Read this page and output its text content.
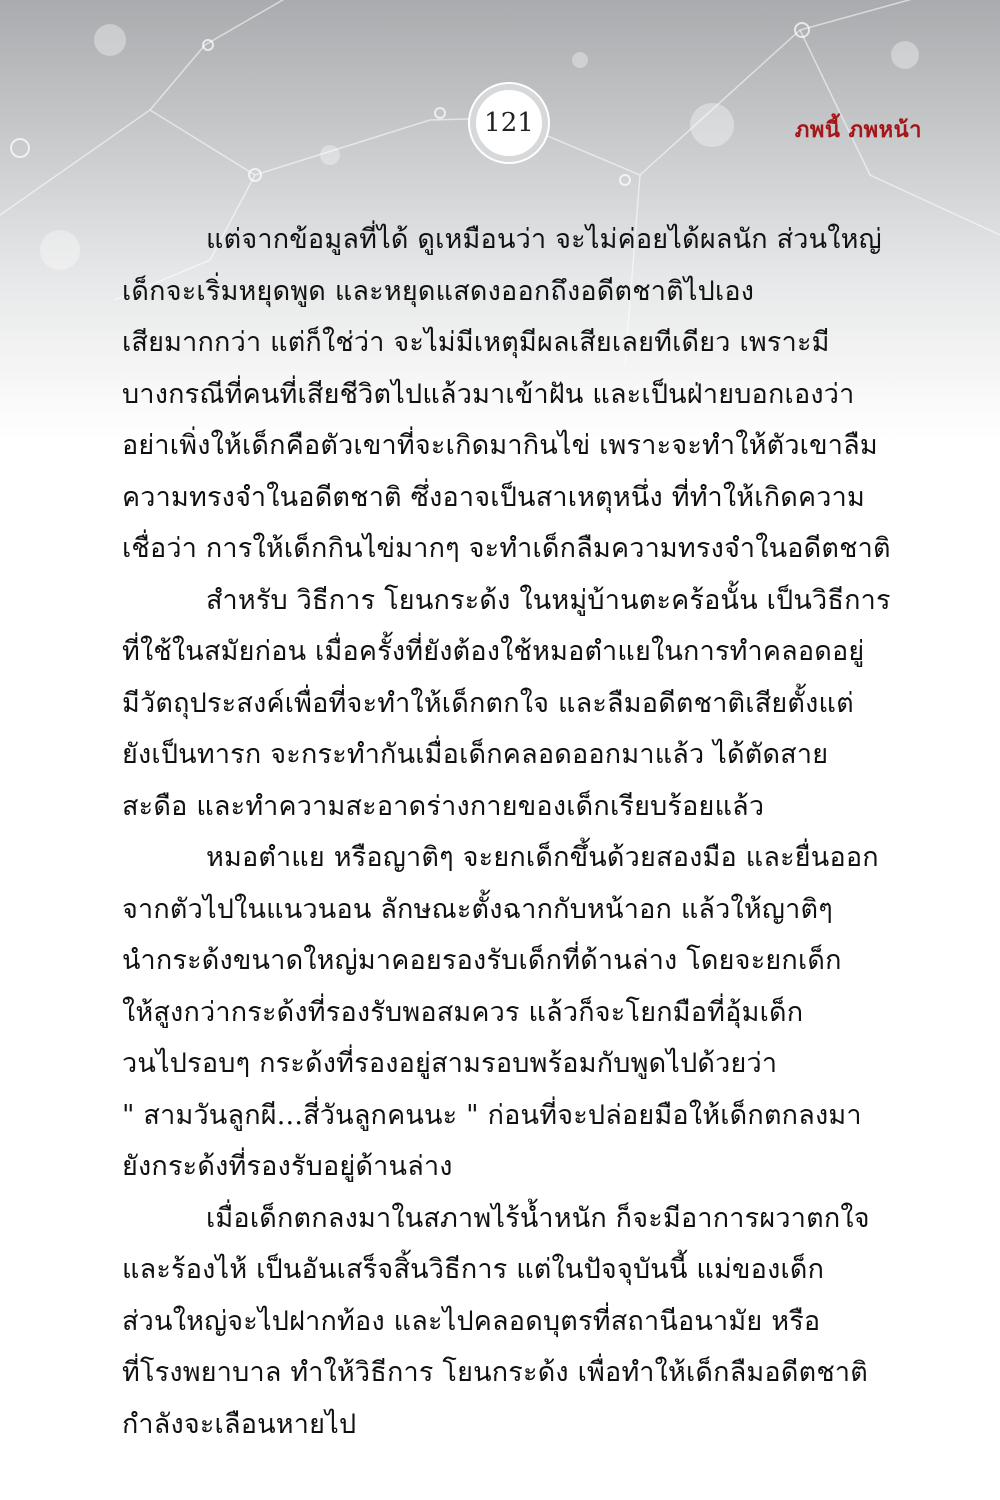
121	ภพนี้ ภพหน้า
แต่จากข้อมูลที่ได้ ดูเหมือนว่า จะไม่ค่อยได้ผลนัก ส่วนใหญ่
เด็กจะเริ่มหยุดพูด และหยุดแสดงออกถึงอดีตชาติไปเอง
เสียมากกว่า แต่ก็ใช่ว่า จะไม่มีเหตุมีผลเสียเลยทีเดียว เพราะมี
บางกรณีที่คนที่เสียชีวิตไปแล้วมาเข้าฝัน และเป็นฝ่ายบอกเองว่า
อย่าเพิ่งให้เด็กคือตัวเขาที่จะเกิดมากินไข่ เพราะจะทำให้ตัวเขาลืม
ความทรงจำในอดีตชาติ ซึ่งอาจเป็นสาเหตุหนึ่ง ที่ทำให้เกิดความ
เชื่อว่า การให้เด็กกินไข่มากๆ จะทำเด็กลืมความทรงจำในอดีตชาติ
สำหรับ วิธีการ โยนกระด้ง ในหมู่บ้านตะคร้อนั้น เป็นวิธีการ
ที่ใช้ในสมัยก่อน เมื่อครั้งที่ยังต้องใช้หมอตำแยในการทำคลอดอยู่
มีวัตถุประสงค์เพื่อที่จะทำให้เด็กตกใจ และลืมอดีตชาติเสียตั้งแต่
ยังเป็นทารก จะกระทำกันเมื่อเด็กคลอดออกมาแล้ว ได้ตัดสาย
สะดือ และทำความสะอาดร่างกายของเด็กเรียบร้อยแล้ว
หมอตำแย หรือญาติๆ จะยกเด็กขึ้นด้วยสองมือ และยื่นออก
จากตัวไปในแนวนอน ลักษณะตั้งฉากกับหน้าอก แล้วให้ญาติๆ
นำกระด้งขนาดใหญ่มาคอยรองรับเด็กที่ด้านล่าง โดยจะยกเด็ก
ให้สูงกว่ากระด้งที่รองรับพอสมควร แล้วก็จะโยกมือที่อุ้มเด็ก
วนไปรอบๆ กระด้งที่รองอยู่สามรอบพร้อมกับพูดไปด้วยว่า
" สามวันลูกผี...สี่วันลูกคนนะ " ก่อนที่จะปล่อยมือให้เด็กตกลงมา
ยังกระด้งที่รองรับอยู่ด้านล่าง
เมื่อเด็กตกลงมาในสภาพไร้น้ำหนัก ก็จะมีอาการผวาตกใจ
และร้องไห้ เป็นอันเสร็จสิ้นวิธีการ แต่ในปัจจุบันนี้ แม่ของเด็ก
ส่วนใหญ่จะไปฝากท้อง และไปคลอดบุตรที่สถานีอนามัย หรือ
ที่โรงพยาบาล ทำให้วิธีการ โยนกระด้ง เพื่อทำให้เด็กลืมอดีตชาติ
กำลังจะเลือนหายไป
